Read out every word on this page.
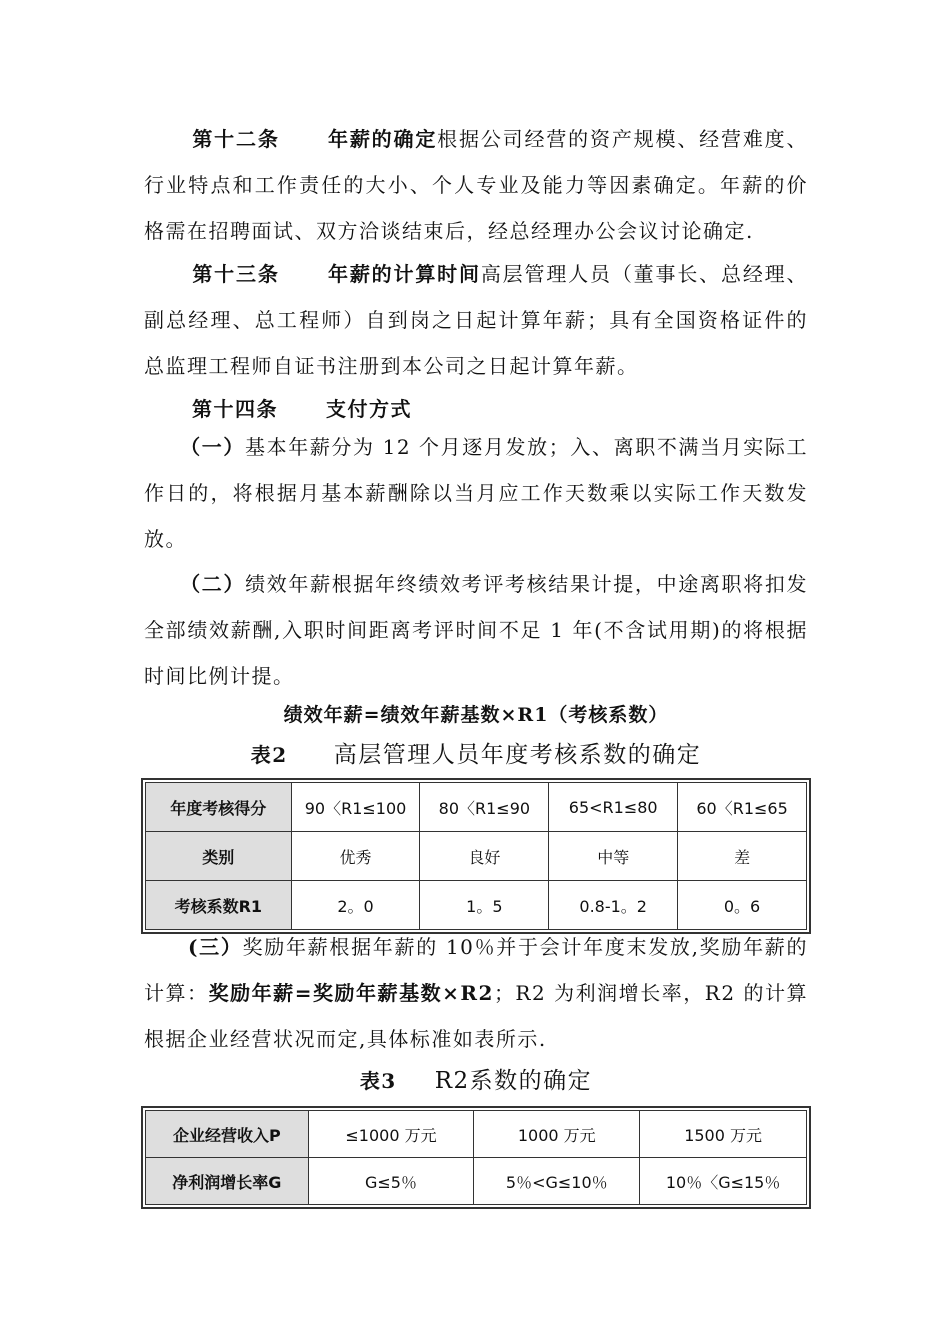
第十二条 年薪的确定根据公司经营的资产规模、经营难度、行业特点和工作责任的大小、个人专业及能力等因素确定。年薪的价格需在招聘面试、双方洽谈结束后，经总经理办公会议讨论确定.

第十三条 年薪的计算时间高层管理人员（董事长、总经理、副总经理、总工程师）自到岗之日起计算年薪；具有全国资格证件的总监理工程师自证书注册到本公司之日起计算年薪。

第十四条 支付方式

（一）基本年薪分为 12 个月逐月发放；入、离职不满当月实际工作日的，将根据月基本薪酬除以当月应工作天数乘以实际工作天数发放。

（二）绩效年薪根据年终绩效考评考核结果计提，中途离职将扣发全部绩效薪酬,入职时间距离考评时间不足 1 年(不含试用期)的将根据时间比例计提。

绩效年薪=绩效年薪基数×R1（考核系数）

表2 高层管理人员年度考核系数的确定

年度考核得分	90〈R1≤100	80〈R1≤90	65<R1≤80	60〈R1≤65
类别	优秀	良好	中等	差
考核系数R1	2。0	1。5	0.8-1。2	0。6

(三）奖励年薪根据年薪的 10％并于会计年度末发放,奖励年薪的计算：奖励年薪=奖励年薪基数×R2；R2 为利润增长率，R2 的计算根据企业经营状况而定,具体标准如表所示.

表3 R2系数的确定

企业经营收入P	≤1000 万元	1000 万元	1500 万元
净利润增长率G	G≤5％	5％<G≤10％	10％〈G≤15％
